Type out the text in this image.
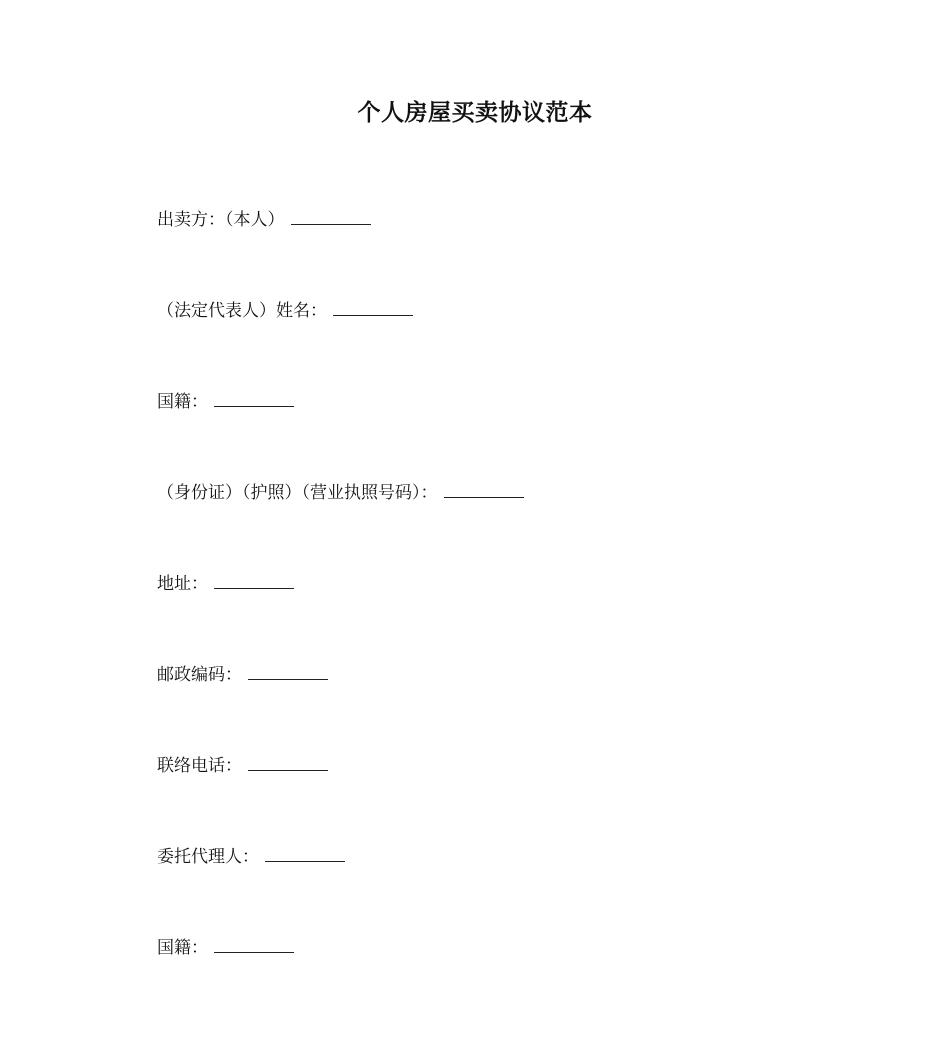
个人房屋买卖协议范本
出卖方：（本人）
（法定代表人）姓名：
国籍：
（身份证）（护照）（营业执照号码）：
地址：
邮政编码：
联络电话：
委托代理人：
国籍：
